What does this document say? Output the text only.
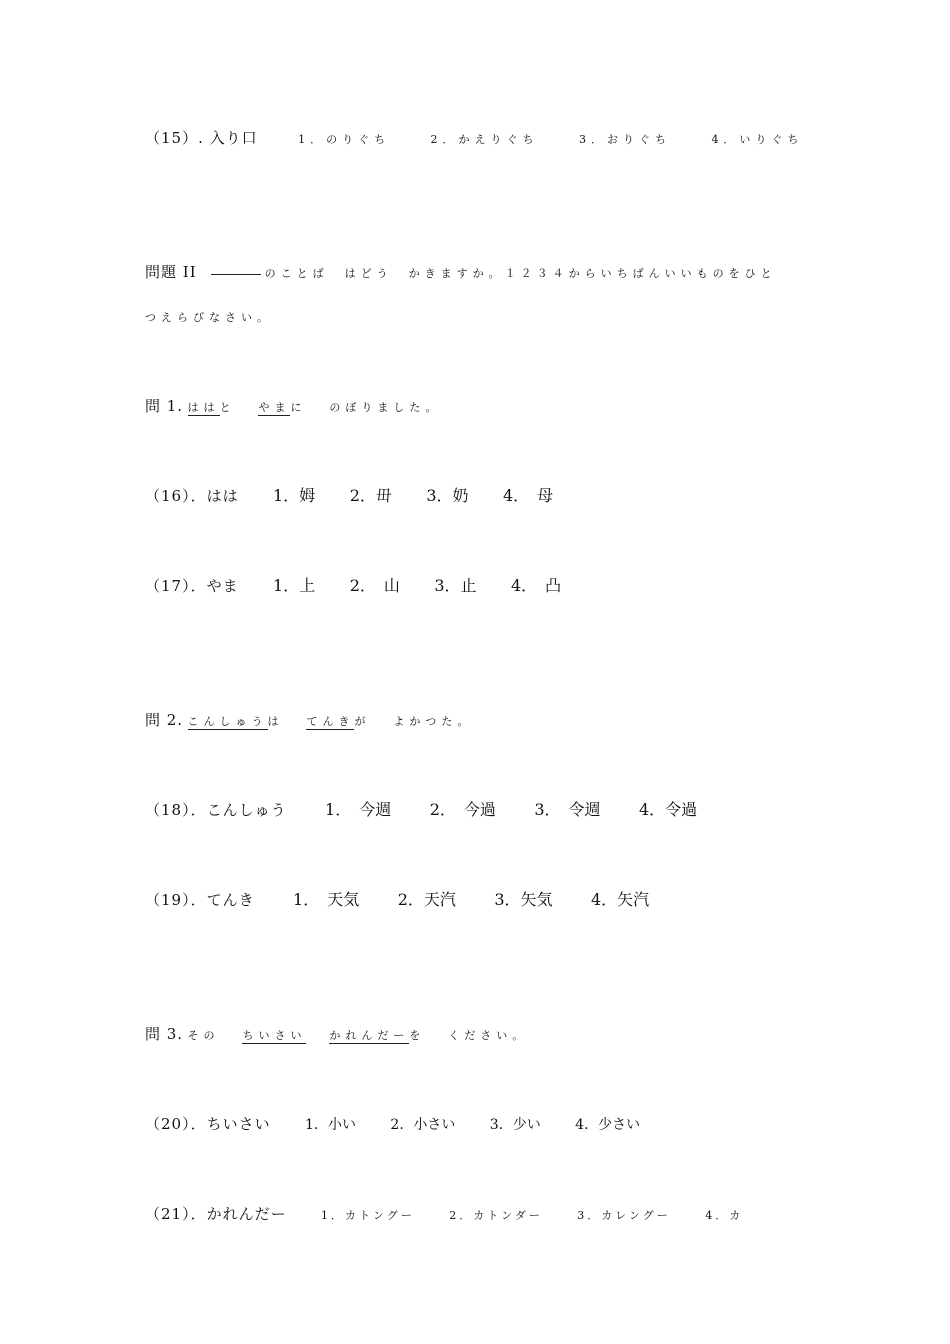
（15）. 入り口	1．のりぐち	2．かえりぐち	3．おりぐち	4．いりぐち
問題 II	のことば　はどう　かきますか。１２３４からいちばんいいものをひと
つえらびなさい。
問 1. ははと やまに のぼりました。
（16）．はは 1．姆 2．毌 3．奶 4．　母
（17）．やま 1．上 2．　山 3．止 4．　凸
問 2. こんしゅうは てんきが よかつた。
（18）．こんしゅう 1．　今週 2．　今過 3．　令週 4．令過
（19）．てんき 1．　天気 2．天汽 3．矢気 4．矢汽
問 3. その ちいさい かれんだーを ください。
（20）．ちいさい 1．小い 2．小さい 3．少い 4．少さい
（21）．かれんだー	1．カトングー	2．カトンダー	3．カレングー	4．カ
